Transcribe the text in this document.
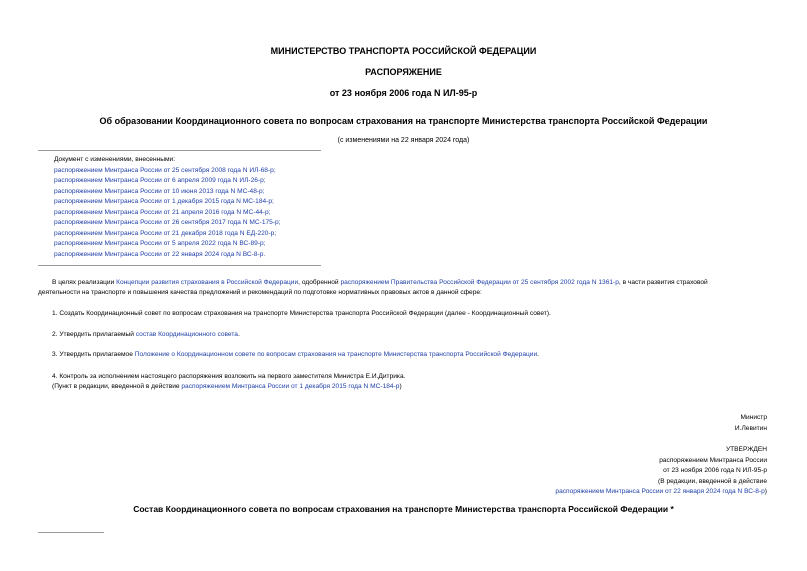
МИНИСТЕРСТВО ТРАНСПОРТА РОССИЙСКОЙ ФЕДЕРАЦИИ
РАСПОРЯЖЕНИЕ
от 23 ноября 2006 года N ИЛ-95-р
Об образовании Координационного совета по вопросам страхования на транспорте Министерства транспорта Российской Федерации
(с изменениями на 22 января 2024 года)
Документ с изменениями, внесенными:
распоряжением Минтранса России от 25 сентября 2008 года N ИЛ-68-р;
распоряжением Минтранса России от 6 апреля 2009 года N ИЛ-26-р;
распоряжением Минтранса России от 10 июня 2013 года N МС-48-р;
распоряжением Минтранса России от 1 декабря 2015 года N МС-184-р;
распоряжением Минтранса России от 21 апреля 2016 года N МС-44-р;
распоряжением Минтранса России от 26 сентября 2017 года N МС-175-р;
распоряжением Минтранса России от 21 декабря 2018 года N ЕД-220-р;
распоряжением Минтранса России от 5 апреля 2022 года N ВС-89-р;
распоряжением Минтранса России от 22 января 2024 года N ВС-8-р.
В целях реализации Концепции развития страхования в Российской Федерации, одобренной распоряжением Правительства Российской Федерации от 25 сентября 2002 года N 1361-р, в части развития страховой
деятельности на транспорте и повышения качества предложений и рекомендаций по подготовке нормативных правовых актов в данной сфере:
1. Создать Координационный совет по вопросам страхования на транспорте Министерства транспорта Российской Федерации (далее - Координационный совет).
2. Утвердить прилагаемый состав Координационного совета.
3. Утвердить прилагаемое Положение о Координационном совете по вопросам страхования на транспорте Министерства транспорта Российской Федерации.
4. Контроль за исполнением настоящего распоряжения возложить на первого заместителя Министра Е.И.Дитрика.
(Пункт в редакции, введенной в действие распоряжением Минтранса России от 1 декабря 2015 года N МС-184-р)
Министр
И.Левитин
УТВЕРЖДЕН
распоряжением Минтранса России
от 23 ноября 2006 года N ИЛ-95-р
(В редакции, введенной в действие
распоряжением Минтранса России от 22 января 2024 года N ВС-8-р)
Состав Координационного совета по вопросам страхования на транспорте Министерства транспорта Российской Федерации *
